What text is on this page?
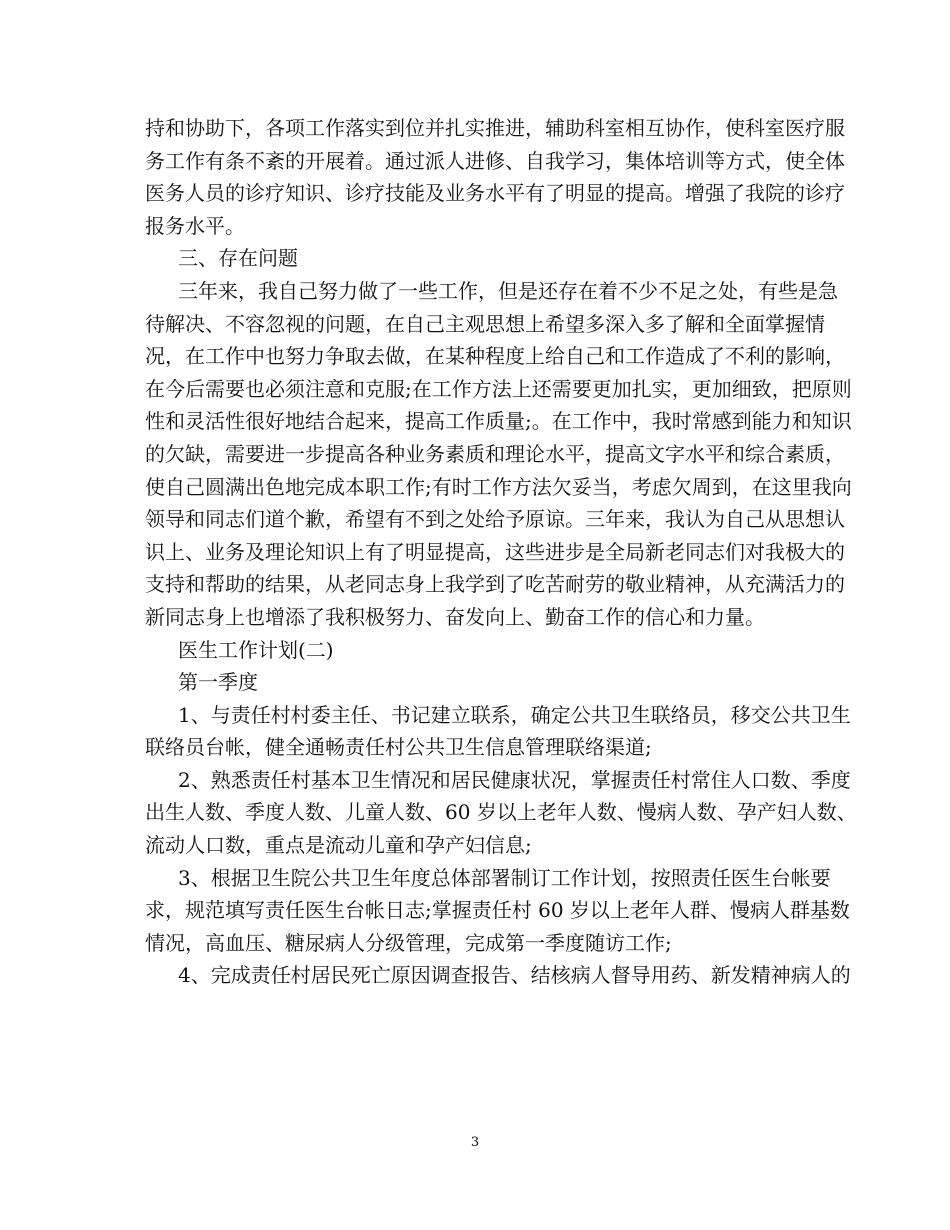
持和协助下，各项工作落实到位并扎实推进，辅助科室相互协作，使科室医疗服
务工作有条不紊的开展着。通过派人进修、自我学习，集体培训等方式，使全体
医务人员的诊疗知识、诊疗技能及业务水平有了明显的提高。增强了我院的诊疗
报务水平。
三、存在问题
三年来，我自己努力做了一些工作，但是还存在着不少不足之处，有些是急
待解决、不容忽视的问题，在自己主观思想上希望多深入多了解和全面掌握情
况，在工作中也努力争取去做，在某种程度上给自己和工作造成了不利的影响，
在今后需要也必须注意和克服;在工作方法上还需要更加扎实，更加细致，把原则
性和灵活性很好地结合起来，提高工作质量;。在工作中，我时常感到能力和知识
的欠缺，需要进一步提高各种业务素质和理论水平，提高文字水平和综合素质，
使自己圆满出色地完成本职工作;有时工作方法欠妥当，考虑欠周到，在这里我向
领导和同志们道个歉，希望有不到之处给予原谅。三年来，我认为自己从思想认
识上、业务及理论知识上有了明显提高，这些进步是全局新老同志们对我极大的
支持和帮助的结果，从老同志身上我学到了吃苦耐劳的敬业精神，从充满活力的
新同志身上也增添了我积极努力、奋发向上、勤奋工作的信心和力量。
医生工作计划(二)
第一季度
1、与责任村村委主任、书记建立联系，确定公共卫生联络员，移交公共卫生
联络员台帐，健全通畅责任村公共卫生信息管理联络渠道;
2、熟悉责任村基本卫生情况和居民健康状况，掌握责任村常住人口数、季度
出生人数、季度人数、儿童人数、60 岁以上老年人数、慢病人数、孕产妇人数、
流动人口数，重点是流动儿童和孕产妇信息;
3、根据卫生院公共卫生年度总体部署制订工作计划，按照责任医生台帐要
求，规范填写责任医生台帐日志;掌握责任村 60 岁以上老年人群、慢病人群基数
情况，高血压、糖尿病人分级管理，完成第一季度随访工作;
4、完成责任村居民死亡原因调查报告、结核病人督导用药、新发精神病人的
3
